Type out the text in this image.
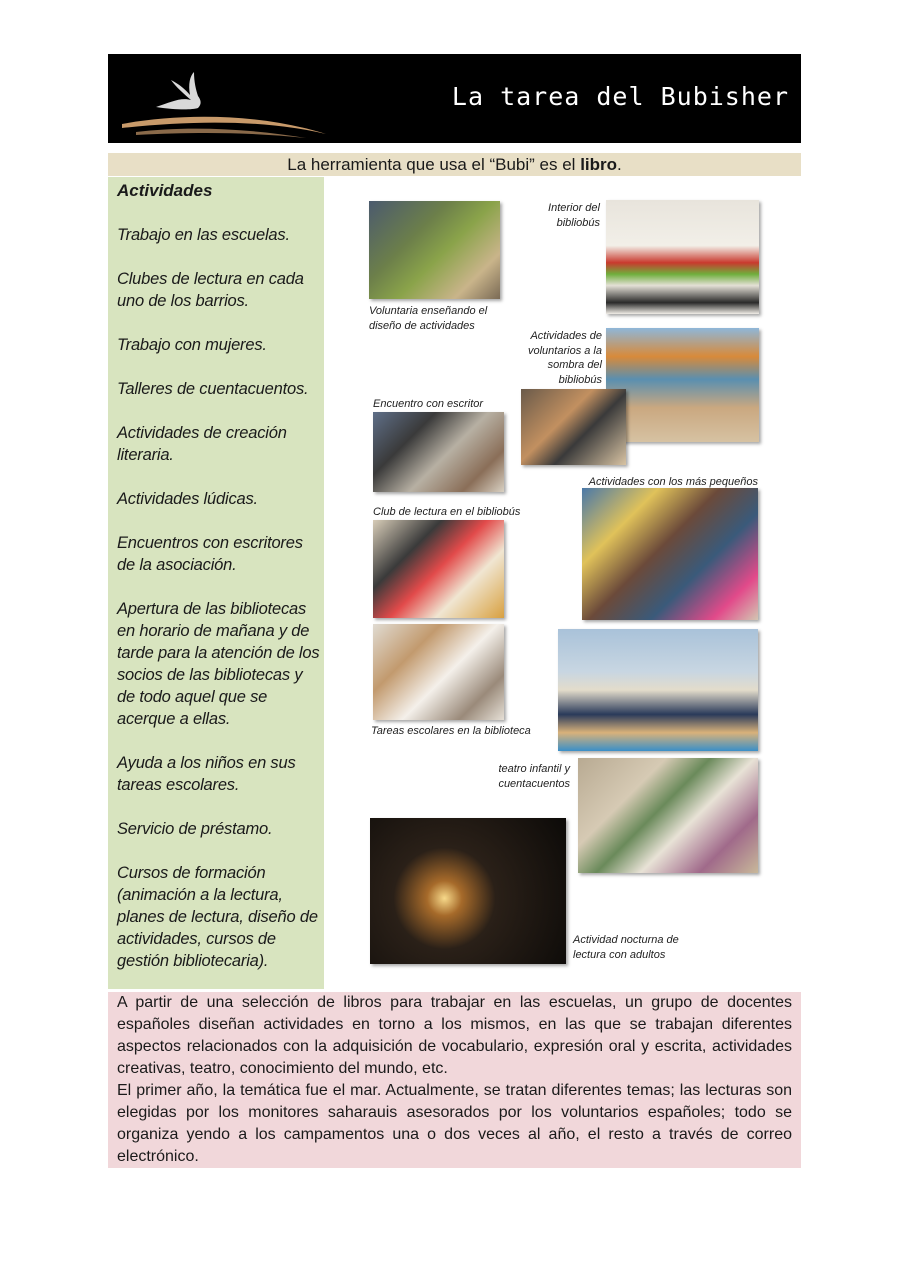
La tarea del Bubisher
La herramienta que usa el “Bubi” es el libro.
Actividades
Trabajo en las escuelas.
Clubes de lectura en cada uno de los barrios.
Trabajo con mujeres.
Talleres de cuentacuentos.
Actividades de creación literaria.
Actividades lúdicas.
Encuentros con escritores de la asociación.
Apertura de las bibliotecas en horario de mañana y de tarde para la atención de los socios de las bibliotecas y de todo aquel que se acerque a ellas.
Ayuda a los niños en sus tareas escolares.
Servicio de préstamo.
Cursos de formación (animación a la lectura, planes de lectura, diseño de actividades, cursos de gestión bibliotecaria).
Voluntaria enseñando el diseño de actividades
Interior del bibliobús
Actividades de voluntarios a la sombra del bibliobús
Encuentro con escritor
Actividades con los más pequeños
Club de lectura en el bibliobús
Tareas escolares en la biblioteca
teatro infantil y cuentacuentos
Actividad nocturna de lectura con adultos

A partir de una selección de libros para trabajar en las escuelas, un grupo de docentes españoles diseñan actividades en torno a los mismos, en las que se trabajan diferentes aspectos relacionados con la adquisición de vocabulario, expresión oral y escrita, actividades creativas, teatro, conocimiento del mundo, etc.

El primer año, la temática fue el mar. Actualmente, se tratan diferentes temas; las lecturas son elegidas por los monitores saharauis asesorados por los voluntarios españoles; todo se organiza yendo a los campamentos una o dos veces al año, el resto a través de correo electrónico.
